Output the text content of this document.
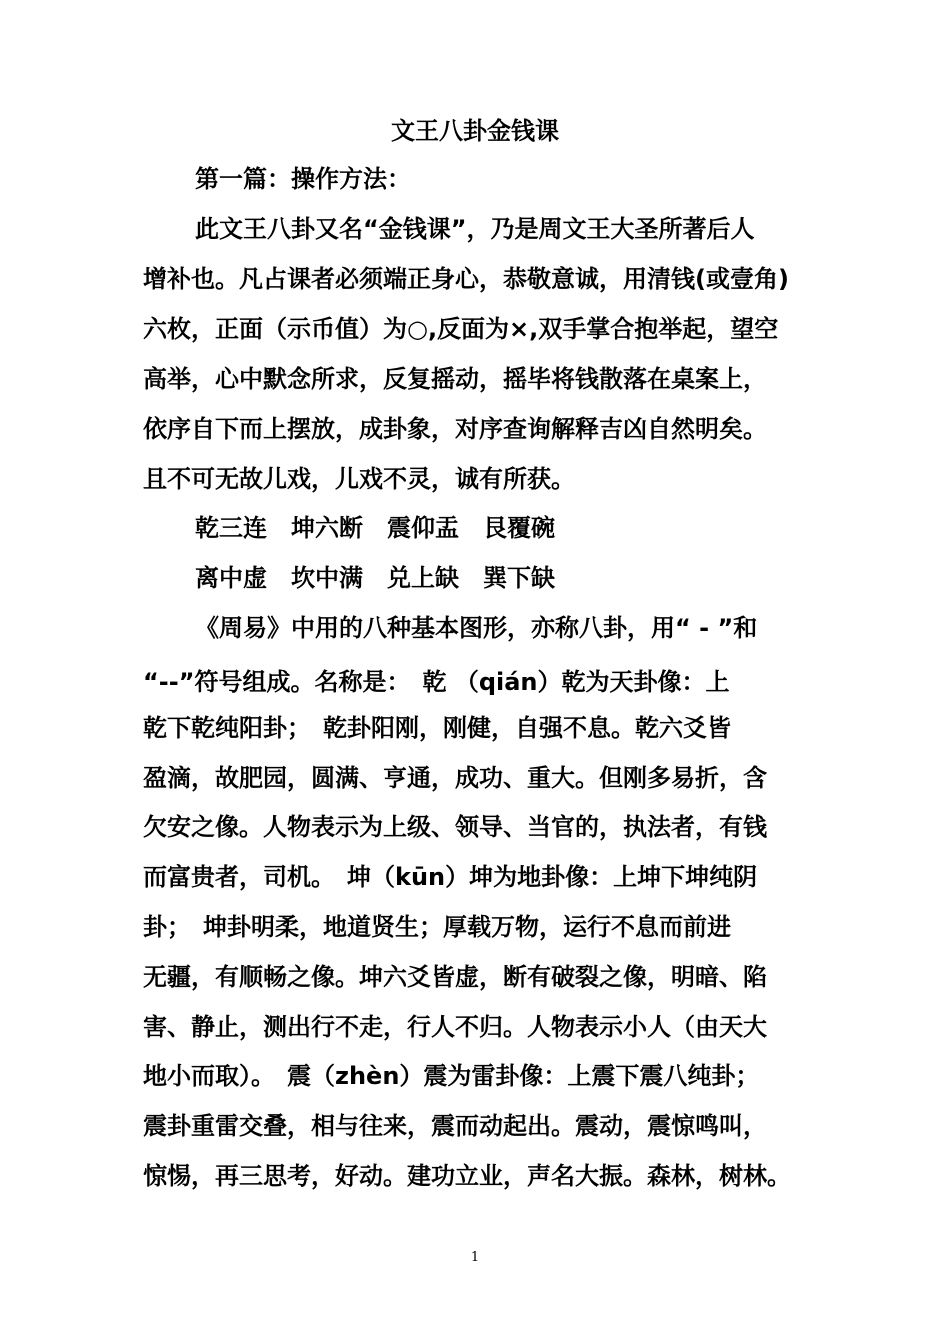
文王八卦金钱课
第一篇：操作方法：
此文王八卦又名“金钱课”，乃是周文王大圣所著后人
增补也。凡占课者必须端正身心，恭敬意诚，用清钱(或壹角)
六枚，正面（示币值）为○,反面为×,双手掌合抱举起，望空
高举，心中默念所求，反复摇动，摇毕将钱散落在桌案上，
依序自下而上摆放，成卦象，对序查询解释吉凶自然明矣。
且不可无故儿戏，儿戏不灵，诚有所获。
乾三连　坤六断　震仰盂　艮覆碗
离中虚　坎中满　兑上缺　巽下缺
《周易》中用的八种基本图形，亦称八卦，用“ - ”和
“--”符号组成。名称是：　乾 （qián）乾为天卦像：上
乾下乾纯阳卦；　乾卦阳刚，刚健，自强不息。乾六爻皆
盈滴，故肥园，圆满、亨通，成功、重大。但刚多易折，含
欠安之像。人物表示为上级、领导、当官的，执法者，有钱
而富贵者，司机。　坤（kūn）坤为地卦像：上坤下坤纯阴
卦；　坤卦明柔，地道贤生；厚载万物，运行不息而前进
无疆，有顺畅之像。坤六爻皆虚，断有破裂之像，明暗、陷
害、静止，测出行不走，行人不归。人物表示小人（由天大
地小而取）。　震（zhèn）震为雷卦像：上震下震八纯卦；
震卦重雷交叠，相与往来，震而动起出。震动，震惊鸣叫，
惊惕，再三思考，好动。建功立业，声名大振。森林，树林。
1
